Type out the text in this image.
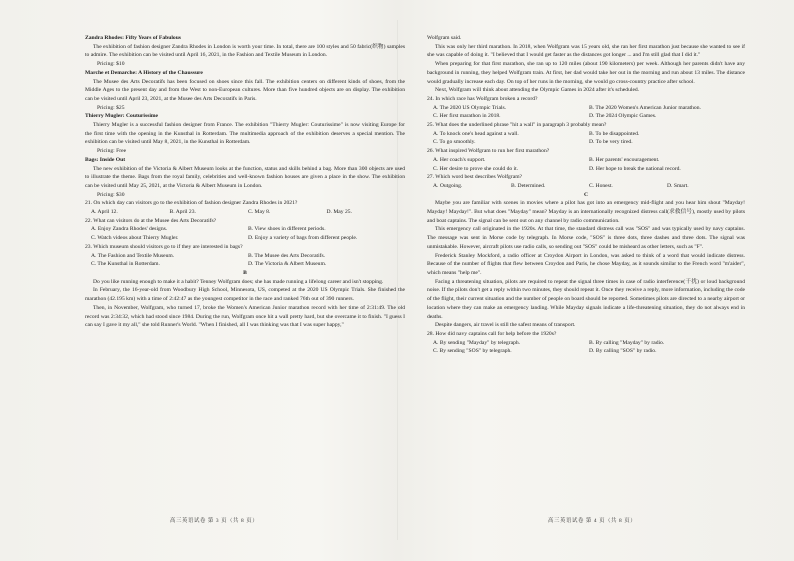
Zandra Rhodes: Fifty Years of Fabulous

The exhibition of fashion designer Zandra Rhodes in London is worth your time. In total, there are 100 styles and 50 fabric(织物) samples to admire. The exhibition can be visited until April 16, 2021, in the Fashion and Textile Museum in London.

Pricing: $10

Marche et Demarche: A History of the Chaussure

The Musee des Arts Decoratifs has been focused on shoes since this fall. The exhibition centers on different kinds of shoes, from the Middle Ages to the present day and from the West to non-European cultures. More than five hundred objects are on display. The exhibition can be visited until April 23, 2021, at the Musee des Arts Decoratifs in Paris.

Pricing: $25

Thierry Mugler: Couturissime

Thierry Mugler is a successful fashion designer from France. The exhibition "Thierry Mugler: Couturissime" is now visiting Europe for the first time with the opening in the Kunsthal in Rotterdam. The multimedia approach of the exhibition deserves a special mention. The exhibition can be visited until May 8, 2021, in the Kunsthal in Rotterdam.

Pricing: Free

Bags: Inside Out

The new exhibition of the Victoria & Albert Museum looks at the function, status and skills behind a bag. More than 300 objects are used to illustrate the theme. Bags from the royal family, celebrities and well-known fashion houses are given a place in the show. The exhibition can be visited until May 25, 2021, at the Victoria & Albert Museum in London.

Pricing: $30

21. On which day can visitors go to the exhibition of fashion designer Zandra Rhodes in 2021?

A. April 12.	B. April 23.	C. May 8.	D. May 25.

22. What can visitors do at the Musee des Arts Decoratifs?

A. Enjoy Zandra Rhodes' designs.	B. View shoes in different periods.
C. Watch videos about Thierry Mugler.	D. Enjoy a variety of bags from different people.

23. Which museum should visitors go to if they are interested in bags?

A. The Fashion and Textile Museum.	B. The Musee des Arts Decoratifs.
C. The Kunsthal in Rotterdam.	D. The Victoria & Albert Museum.

B

Do you like running enough to make it a habit? Tenney Wolfgram does; she has made running a lifelong career and isn't stopping.

In February, the 16-year-old from Woodbury High School, Minnesota, US, competed at the 2020 US Olympic Trials. She finished the marathon (42.195 km) with a time of 2:42:47 as the youngest competitor in the race and ranked 76th out of 390 runners.

Then, in November, Wolfgram, who turned 17, broke the Women's American Junior marathon record with her time of 2:31:49. The old record was 2:34:32, which had stood since 1984. During the run, Wolfgram once hit a wall pretty hard, but she overcame it to finish. "I guess I can say I gave it my all," she told Runner's World. "When I finished, all I was thinking was that I was super happy,"

Wolfgram said.

This was only her third marathon. In 2018, when Wolfgram was 15 years old, she ran her first marathon just because she wanted to see if she was capable of doing it. "I believed that I would get faster as the distances got longer ... and I'm still glad that I did it."

When preparing for that first marathon, she ran up to 120 miles (about 190 kilometers) per week. Although her parents didn't have any background in running, they helped Wolfgram train. At first, her dad would take her out in the morning and run about 13 miles. The distance would gradually increase each day. On top of her runs in the morning, she would go cross-country practice after school.

Next, Wolfgram will think about attending the Olympic Games in 2024 after it's scheduled.

24. In which race has Wolfgram broken a record?

A. The 2020 US Olympic Trials.	B. The 2020 Women's American Junior marathon.
C. Her first marathon in 2018.	D. The 2024 Olympic Games.

25. What does the underlined phrase "hit a wall" in paragraph 3 probably mean?

A. To knock one's head against a wall.	B. To be disappointed.
C. To go smoothly.	D. To be very tired.

26. What inspired Wolfgram to run her first marathon?

A. Her coach's support.	B. Her parents' encouragement.
C. Her desire to prove she could do it.	D. Her hope to break the national record.

27. Which word best describes Wolfgram?

A. Outgoing.	B. Determined.	C. Honest.	D. Smart.

C

Maybe you are familiar with scenes in movies where a pilot has got into an emergency mid-flight and you hear him shout "Mayday! Mayday! Mayday!". But what does "Mayday" mean? Mayday is an internationally recognized distress call(求救信号), mostly used by pilots and boat captains. The signal can be sent out on any channel by radio communication.

This emergency call originated in the 1920s. At that time, the standard distress call was "SOS" and was typically used by navy captains. The message was sent in Morse code by telegraph. In Morse code, "SOS" is three dots, three dashes and three dots. The signal was unmistakable. However, aircraft pilots use radio calls, so sending out "SOS" could be misheard as other letters, such as "F".

Frederick Stanley Mockford, a radio officer at Croydon Airport in London, was asked to think of a word that would indicate distress. Because of the number of flights that flew between Croydon and Paris, he chose Mayday, as it sounds similar to the French word "m'aider", which means "help me".

Facing a threatening situation, pilots are required to repeat the signal three times in case of radio interference(干扰) or loud background noise. If the pilots don't get a reply within two minutes, they should repeat it. Once they receive a reply, more information, including the code of the flight, their current situation and the number of people on board should be reported. Sometimes pilots are directed to a nearby airport or location where they can make an emergency landing. While Mayday signals indicate a life-threatening situation, they do not always end in deaths.

Despite dangers, air travel is still the safest means of transport.

28. How did navy captains call for help before the 1920s?

A. By sending "Mayday" by telegraph.	B. By calling "Mayday" by radio.
C. By sending "SOS" by telegraph.	D. By calling "SOS" by radio.
高三英语试卷 第 3 页（共 8 页）	高三英语试卷 第 4 页（共 8 页）
